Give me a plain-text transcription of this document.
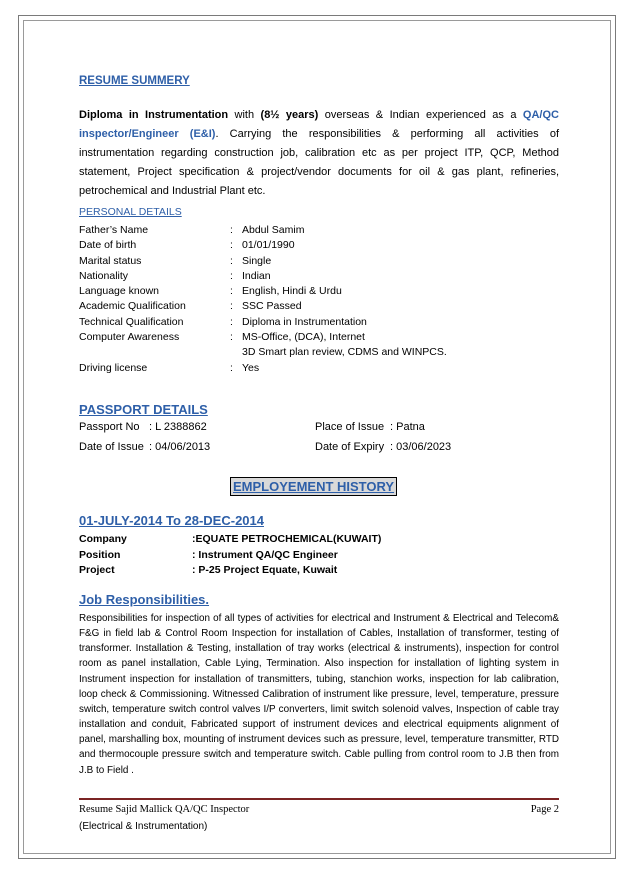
RESUME SUMMERY
Diploma in Instrumentation with (8½ years) overseas & Indian experienced as a QA/QC inspector/Engineer (E&I). Carrying the responsibilities & performing all activities of instrumentation regarding construction job, calibration etc as per project ITP, QCP, Method statement, Project specification & project/vendor documents for oil & gas plant, refineries, petrochemical and Industrial Plant etc.
PERSONAL DETAILS
Father’s Name	: Abdul Samim
Date of birth	: 01/01/1990
Marital status	: Single
Nationality	: Indian
Language known	: English, Hindi & Urdu
Academic Qualification	: SSC Passed
Technical Qualification	: Diploma in Instrumentation
Computer Awareness	: MS-Office, (DCA), Internet
3D Smart plan review, CDMS and WINPCS.
Driving license	: Yes
PASSPORT DETAILS
Passport No : L 2388862	Place of Issue : Patna
Date of Issue : 04/06/2013	Date of Expiry : 03/06/2023
EMPLOYEMENT HISTORY
01-JULY-2014 To 28-DEC-2014
Company	:EQUATE PETROCHEMICAL(KUWAIT)
Position	: Instrument QA/QC Engineer
Project	: P-25 Project Equate, Kuwait
Job Responsibilities.
Responsibilities for inspection of all types of activities for electrical and Instrument & Electrical and Telecom& F&G in field lab & Control Room Inspection for installation of Cables, Installation of transformer, testing of transformer. Installation & Testing, installation of tray works (electrical & instruments), inspection for control room as panel installation, Cable Lying, Termination. Also inspection for installation of lighting system in Instrument inspection for installation of transmitters, tubing, stanchion works, inspection for lab calibration, loop check & Commissioning. Witnessed Calibration of instrument like pressure, level, temperature, pressure switch, temperature switch control valves I/P converters, limit switch solenoid valves, Inspection of cable tray installation and conduit, Fabricated support of instrument devices and electrical equipments alignment of panel, marshalling box, mounting of instrument devices such as pressure, level, temperature transmitter, RTD and thermocouple pressure switch and temperature switch. Cable pulling from control room to J.B then from J.B to Field .
Resume Sajid Mallick QA/QC Inspector	Page 2
(Electrical & Instrumentation)
